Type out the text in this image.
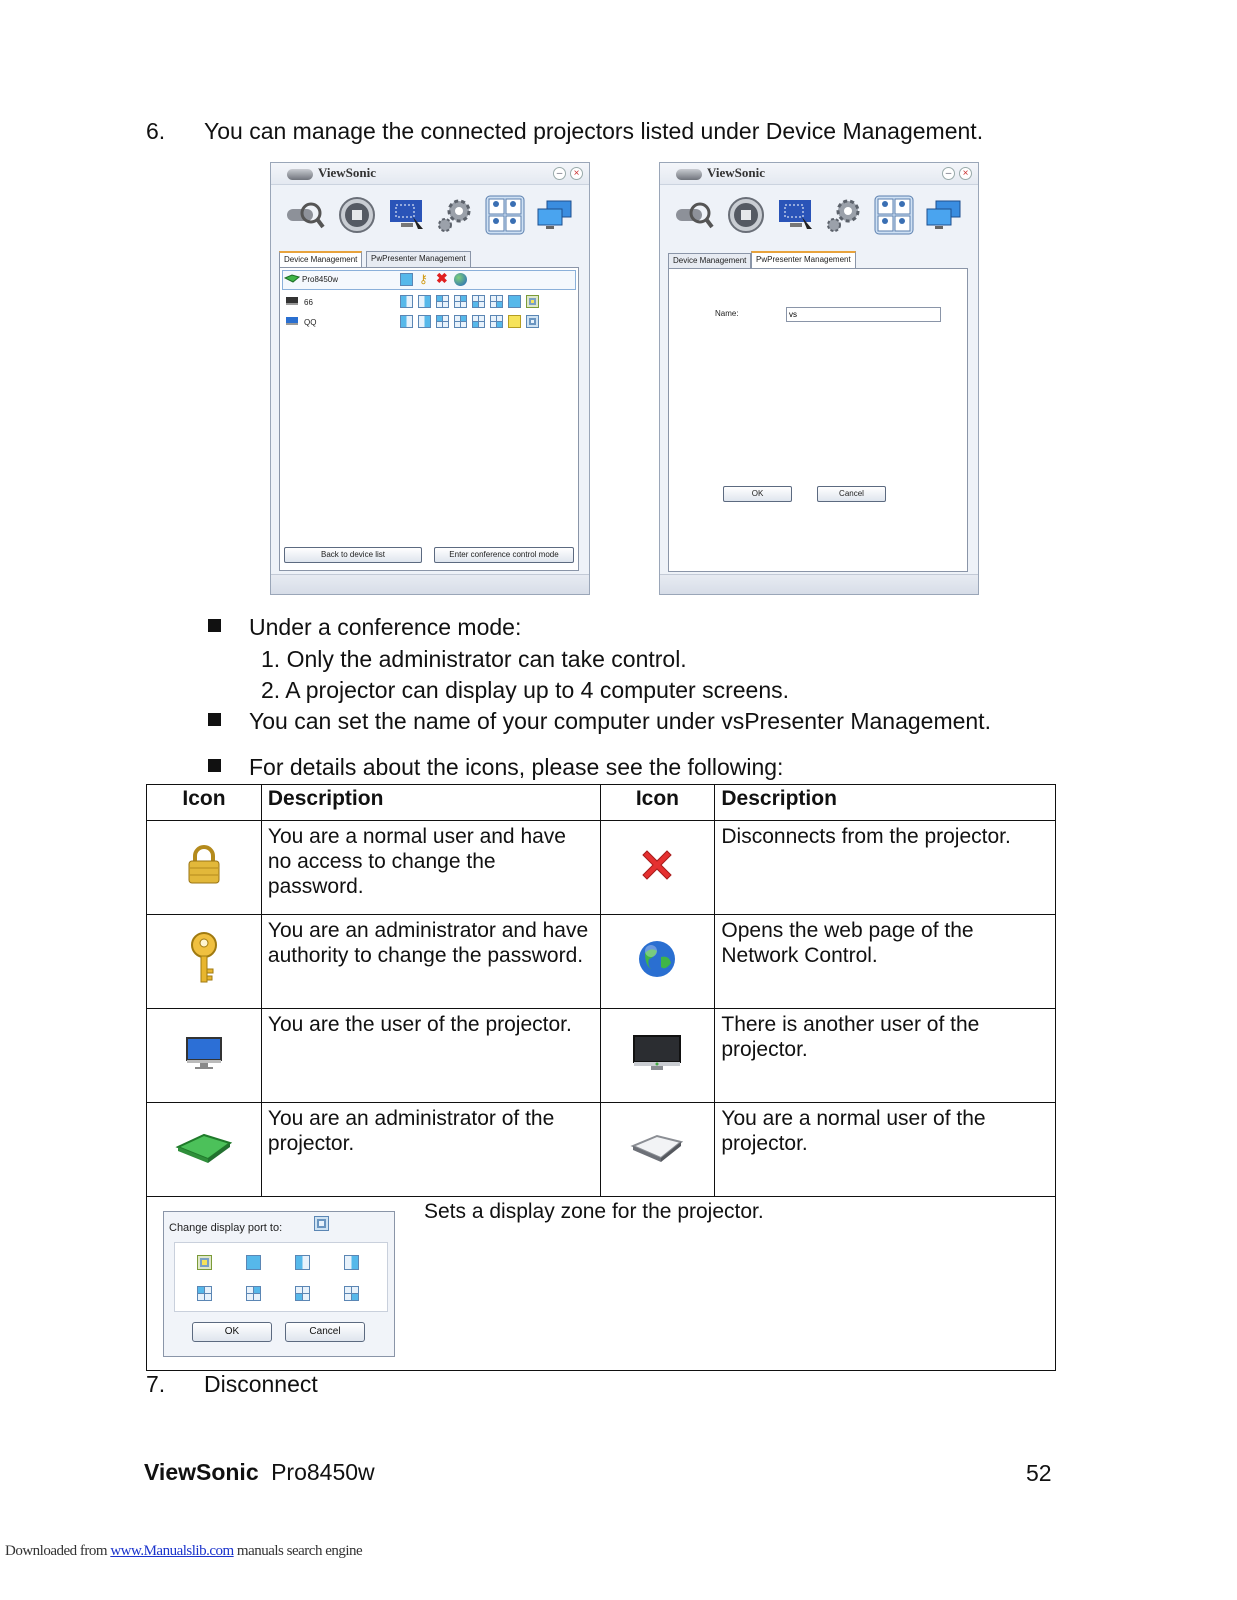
6. You can manage the connected projectors listed under Device Management.
ViewSonic	–	×
Device Management	PwPresenter Management
Pro8450w	⚷ ✖
66
QQ
Back to device list	Enter conference control mode
ViewSonic	–	×
Device Management	PwPresenter Management
Name:
vs
OK	Cancel
Under a conference mode:
1. Only the administrator can take control.
2. A projector can display up to 4 computer screens.
You can set the name of your computer under vsPresenter Management.
For details about the icons, please see the following:
Icon	Description	Icon	Description
	You are a normal user and have no access to change the password.		Disconnects from the projector.
	You are an administrator and have authority to change the password.		Opens the web page of the Network Control.
	You are the user of the projector.		There is another user of the projector.
	You are an administrator of the projector.		You are a normal user of the projector.

Change display port to:
OK Cancel
Sets a display zone for the projector.			
7. Disconnect
ViewSonic Pro8450w	52
Downloaded from www.Manualslib.com manuals search engine
